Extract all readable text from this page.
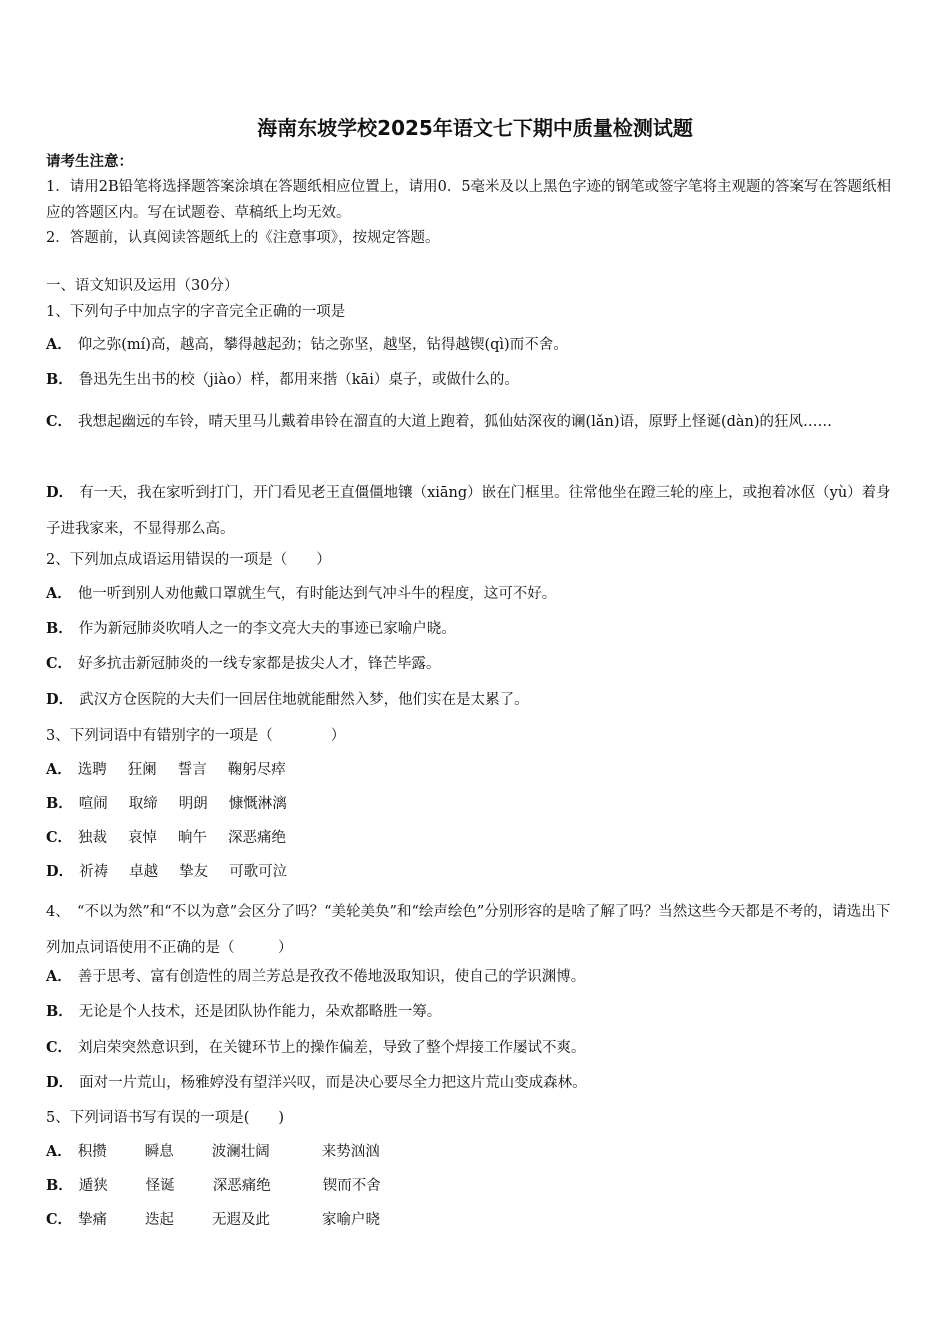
海南东坡学校2025年语文七下期中质量检测试题
请考生注意：
1．请用2B铅笔将选择题答案涂填在答题纸相应位置上，请用0．5毫米及以上黑色字迹的钢笔或签字笔将主观题的答案写在答题纸相应的答题区内。写在试题卷、草稿纸上均无效。
2．答题前，认真阅读答题纸上的《注意事项》，按规定答题。
一、语文知识及运用（30分）
1、下列句子中加点字的字音完全正确的一项是
A． 仰之弥(mí)高，越高，攀得越起劲；钻之弥坚，越坚，钻得越锲(qì)而不舍。
B． 鲁迅先生出书的校（jiào）样，都用来揩（kāi）桌子，或做什么的。
C． 我想起幽远的车铃，晴天里马儿戴着串铃在溜直的大道上跑着，狐仙姑深夜的谰(lǎn)语，原野上怪诞(dàn)的狂风……
D． 有一天，我在家听到打门，开门看见老王直僵僵地镶（xiāng）嵌在门框里。往常他坐在蹬三轮的座上，或抱着冰伛（yù）着身子进我家来，不显得那么高。
2、下列加点成语运用错误的一项是（　　）
A． 他一听到别人劝他戴口罩就生气，有时能达到气冲斗牛的程度，这可不好。
B． 作为新冠肺炎吹哨人之一的李文亮大夫的事迹已家喻户晓。
C． 好多抗击新冠肺炎的一线专家都是拔尖人才，锋芒毕露。
D． 武汉方仓医院的大夫们一回居住地就能酣然入梦，他们实在是太累了。
3、下列词语中有错别字的一项是（　　　　）
A． 选聘 狂阑 誓言 鞠躬尽瘁
B． 喧闹 取缔 明朗 慷慨淋漓
C． 独裁 哀悼 晌午 深恶痛绝
D． 祈祷 卓越 挚友 可歌可泣
4、　“不以为然”和“不以为意”会区分了吗？“美轮美奂”和“绘声绘色”分别形容的是啥了解了吗？当然这些今天都是不考的，请选出下列加点词语使用不正确的是（　　　）
A． 善于思考、富有创造性的周兰芳总是孜孜不倦地汲取知识，使自己的学识渊博。
B． 无论是个人技术，还是团队协作能力，朵欢都略胜一筹。
C． 刘启荣突然意识到，在关键环节上的操作偏差，导致了整个焊接工作屡试不爽。
D． 面对一片荒山，杨雅婷没有望洋兴叹，而是决心要尽全力把这片荒山变成森林。
5、下列词语书写有误的一项是(　　)
A． 积攒	瞬息	波澜壮阔	来势汹汹
B． 遁狭	怪诞	深恶痛绝	锲而不舍
C． 挚痛	迭起	无遐及此	家喻户晓
